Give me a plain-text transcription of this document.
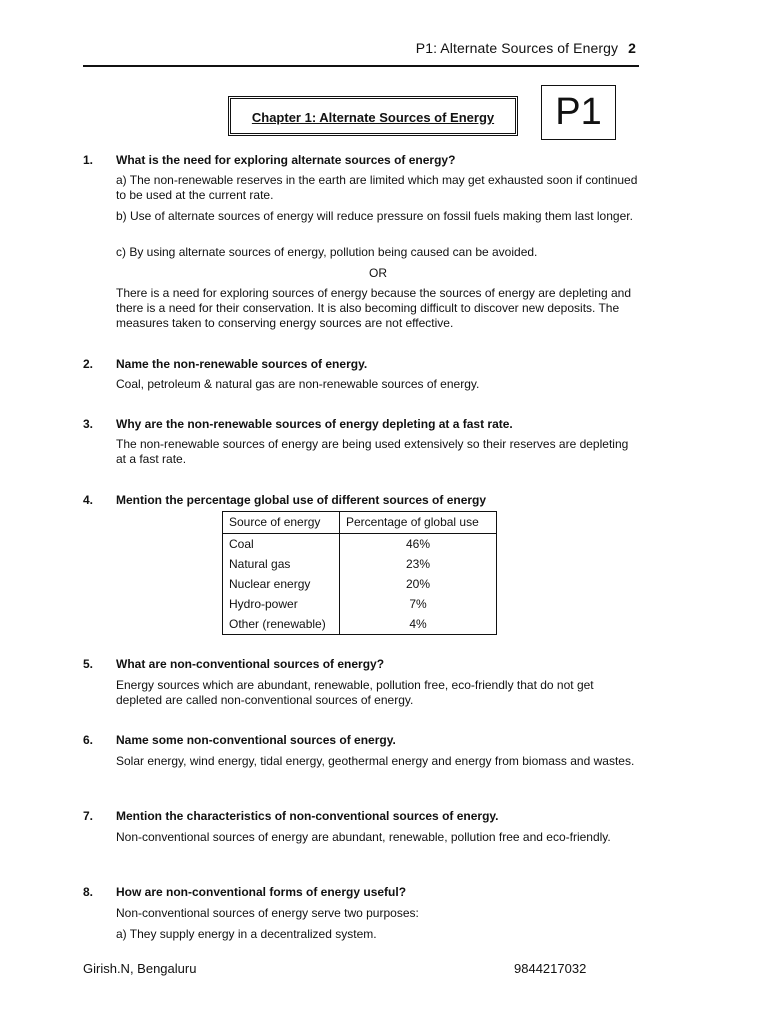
P1: Alternate Sources of Energy 2
Chapter 1: Alternate Sources of Energy	P1
1. What is the need for exploring alternate sources of energy?
a) The non-renewable reserves in the earth are limited which may get exhausted soon if continued to be used at the current rate.
b) Use of alternate sources of energy will reduce pressure on fossil fuels making them last longer.
c) By using alternate sources of energy, pollution being caused can be avoided.
OR
There is a need for exploring sources of energy because the sources of energy are depleting and there is a need for their conservation. It is also becoming difficult to discover new deposits. The measures taken to conserving energy sources are not effective.
2. Name the non-renewable sources of energy.
Coal, petroleum & natural gas are non-renewable sources of energy.
3. Why are the non-renewable sources of energy depleting at a fast rate.
The non-renewable sources of energy are being used extensively so their reserves are depleting at a fast rate.
4. Mention the percentage global use of different sources of energy
Source of energy	Percentage of global use
Coal	46%
Natural gas	23%
Nuclear energy	20%
Hydro-power	7%
Other (renewable)	4%
5. What are non-conventional sources of energy?
Energy sources which are abundant, renewable, pollution free, eco-friendly that do not get depleted are called non-conventional sources of energy.
6. Name some non-conventional sources of energy.
Solar energy, wind energy, tidal energy, geothermal energy and energy from biomass and wastes.
7. Mention the characteristics of non-conventional sources of energy.
Non-conventional sources of energy are abundant, renewable, pollution free and eco-friendly.
8. How are non-conventional forms of energy useful?
Non-conventional sources of energy serve two purposes:
a) They supply energy in a decentralized system.
Girish.N, Bengaluru	9844217032
